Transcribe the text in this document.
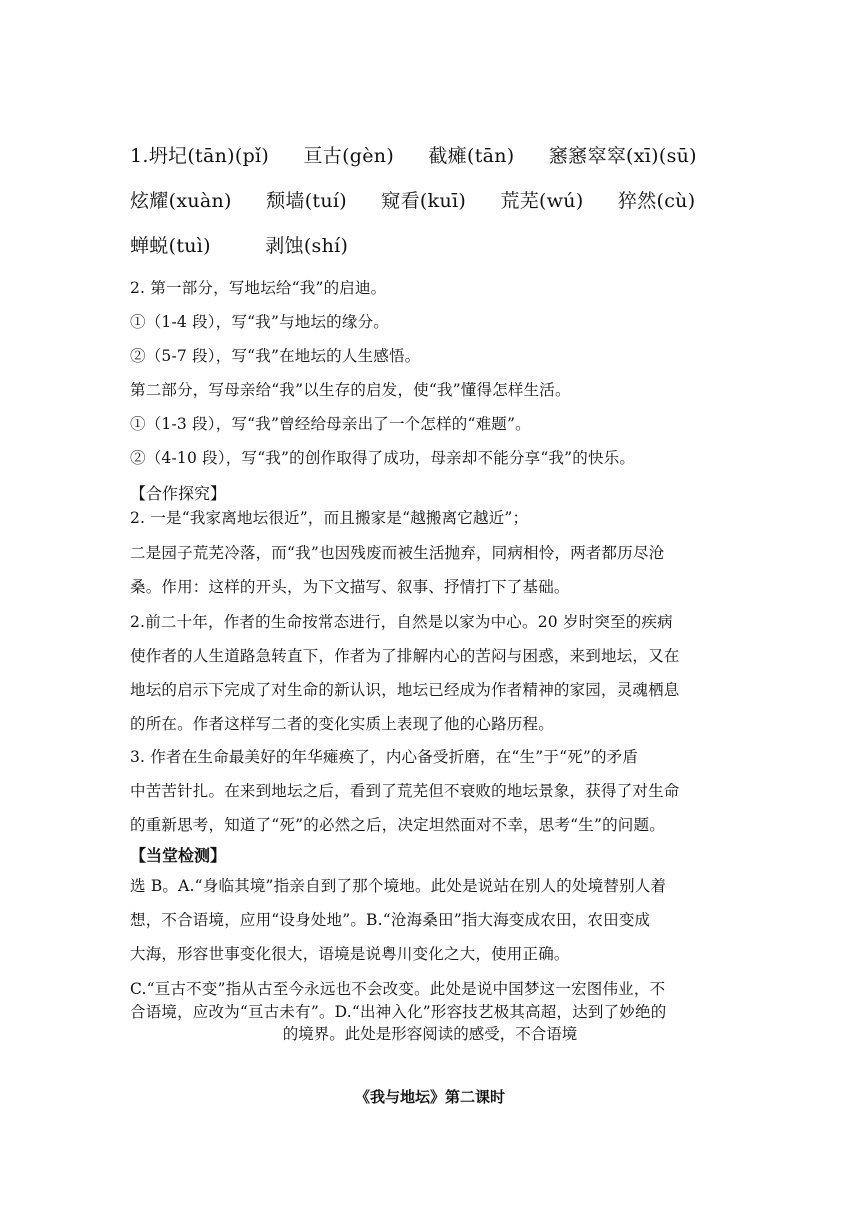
1.坍圮(tān)(pǐ) 亘古(gèn) 截瘫(tān) 窸窸窣窣(xī)(sū)
炫耀(xuàn) 颓墙(tuí) 窥看(kuī) 荒芜(wú) 猝然(cù)
蝉蜕(tuì)	剥蚀(shí)
2. 第一部分，写地坛给“我”的启迪。
①（1-4 段），写“我”与地坛的缘分。
②（5-7 段），写“我”在地坛的人生感悟。
第二部分，写母亲给“我”以生存的启发，使“我”懂得怎样生活。
①（1-3 段），写“我”曾经给母亲出了一个怎样的“难题”。
②（4-10 段），写“我”的创作取得了成功，母亲却不能分享“我”的快乐。
【合作探究】
2. 一是“我家离地坛很近”，而且搬家是“越搬离它越近”；
二是园子荒芜冷落，而“我”也因残废而被生活抛弃，同病相怜，两者都历尽沧
桑。作用：这样的开头，为下文描写、叙事、抒情打下了基础。
2.前二十年，作者的生命按常态进行，自然是以家为中心。20 岁时突至的疾病
使作者的人生道路急转直下，作者为了排解内心的苦闷与困惑，来到地坛，又在
地坛的启示下完成了对生命的新认识，地坛已经成为作者精神的家园，灵魂栖息
的所在。作者这样写二者的变化实质上表现了他的心路历程。
3. 作者在生命最美好的年华瘫痪了，内心备受折磨，在“生”于“死”的矛盾
中苦苦针扎。在来到地坛之后，看到了荒芜但不衰败的地坛景象，获得了对生命
的重新思考，知道了“死”的必然之后，决定坦然面对不幸，思考“生”的问题。
【当堂检测】
选 B。A.“身临其境”指亲自到了那个境地。此处是说站在别人的处境替别人着
想，不合语境，应用“设身处地”。B.“沧海桑田”指大海变成农田，农田变成
大海，形容世事变化很大，语境是说粤川变化之大，使用正确。
C.“亘古不变”指从古至今永远也不会改变。此处是说中国梦这一宏图伟业，不
合语境，应改为“亘古未有”。D.“出神入化”形容技艺极其高超，达到了妙绝的
的境界。此处是形容阅读的感受，不合语境
《我与地坛》第二课时
